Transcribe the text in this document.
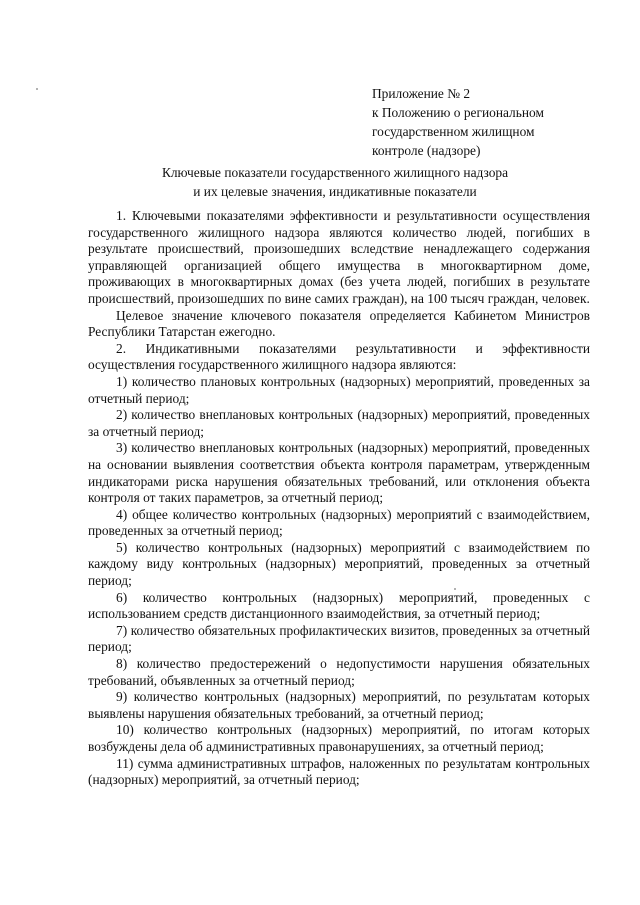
Приложение № 2
к Положению о региональном
государственном жилищном
контроле (надзоре)
Ключевые показатели государственного жилищного надзора
и их целевые значения, индикативные показатели

1. Ключевыми показателями эффективности и результативности осуществления государственного жилищного надзора являются количество людей, погибших в результате происшествий, произошедших вследствие ненадлежащего содержания управляющей организацией общего имущества в многоквартирном доме, проживающих в многоквартирных домах (без учета людей, погибших в результате происшествий, произошедших по вине самих граждан), на 100 тысяч граждан, человек.

Целевое значение ключевого показателя определяется Кабинетом Министров Республики Татарстан ежегодно.

2. Индикативными показателями результативности и эффективности осуществления государственного жилищного надзора являются:

1) количество плановых контрольных (надзорных) мероприятий, проведенных за отчетный период;

2) количество внеплановых контрольных (надзорных) мероприятий, проведенных за отчетный период;

3) количество внеплановых контрольных (надзорных) мероприятий, проведенных на основании выявления соответствия объекта контроля параметрам, утвержденным индикаторами риска нарушения обязательных требований, или отклонения объекта контроля от таких параметров, за отчетный период;

4) общее количество контрольных (надзорных) мероприятий с взаимодействием, проведенных за отчетный период;

5) количество контрольных (надзорных) мероприятий с взаимодействием по каждому виду контрольных (надзорных) мероприятий, проведенных за отчетный период;

6) количество контрольных (надзорных) мероприятий, проведенных с использованием средств дистанционного взаимодействия, за отчетный период;

7) количество обязательных профилактических визитов, проведенных за отчетный период;

8) количество предостережений о недопустимости нарушения обязательных требований, объявленных за отчетный период;

9) количество контрольных (надзорных) мероприятий, по результатам которых выявлены нарушения обязательных требований, за отчетный период;

10) количество контрольных (надзорных) мероприятий, по итогам которых возбуждены дела об административных правонарушениях, за отчетный период;

11) сумма административных штрафов, наложенных по результатам контрольных (надзорных) мероприятий, за отчетный период;
